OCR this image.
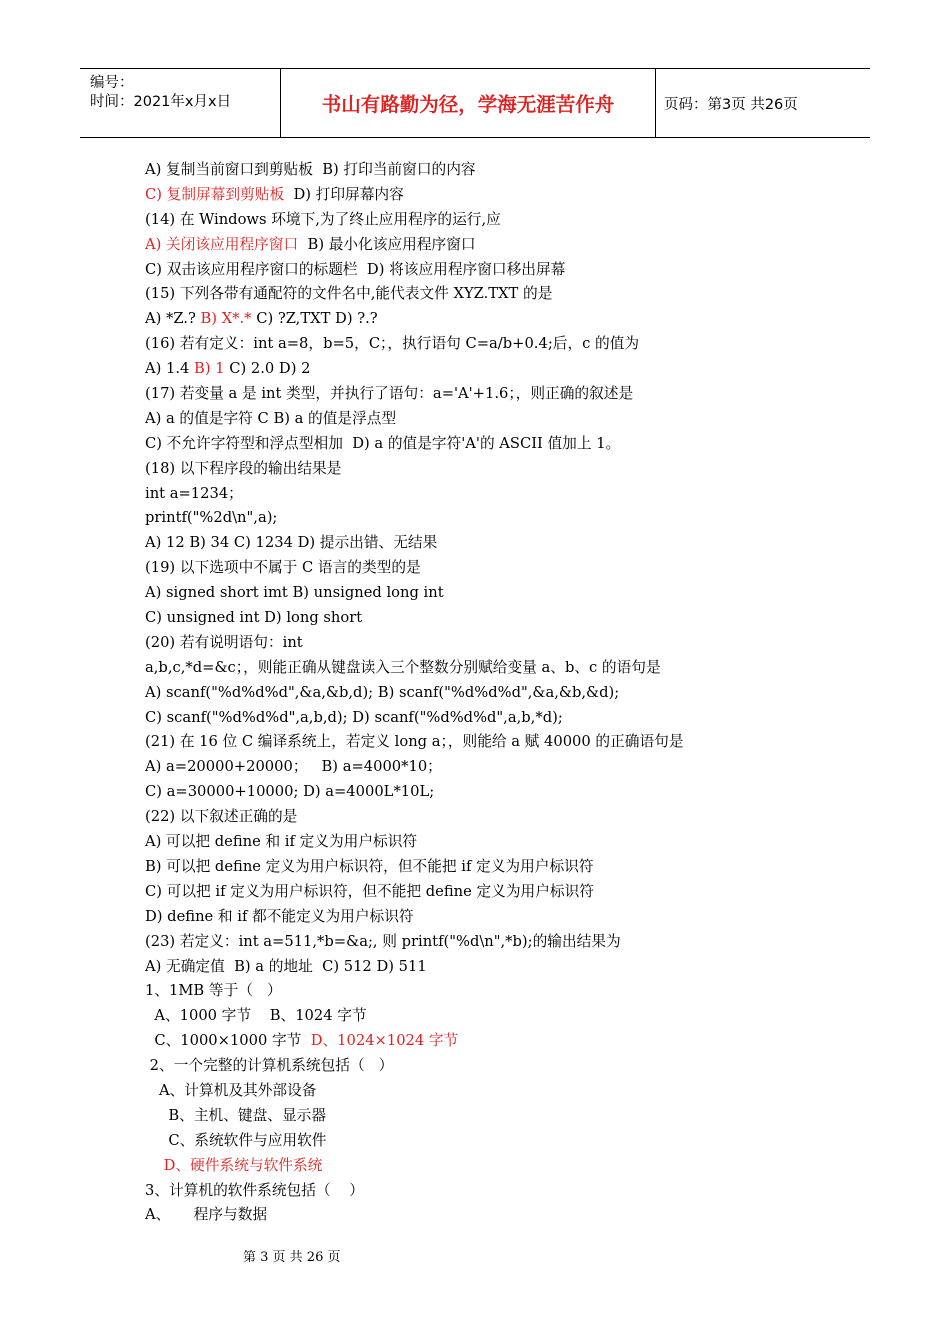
编号：
时间：2021年x月x日	书山有路勤为径，学海无涯苦作舟	页码：第3页 共26页
A) 复制当前窗口到剪贴板  B) 打印当前窗口的内容
C) 复制屏幕到剪贴板  D) 打印屏幕内容
(14) 在 Windows 环境下,为了终止应用程序的运行,应
A) 关闭该应用程序窗口  B) 最小化该应用程序窗口
C) 双击该应用程序窗口的标题栏  D) 将该应用程序窗口移出屏幕
(15) 下列各带有通配符的文件名中,能代表文件 XYZ.TXT 的是
A) *Z.? B) X*.* C) ?Z,TXT D) ?.?
(16) 若有定义：int a=8，b=5，C；，执行语句 C=a/b+0.4;后，c 的值为
A) 1.4 B) 1 C) 2.0 D) 2
(17) 若变量 a 是 int 类型，并执行了语句：a='A'+1.6；，则正确的叙述是
A) a 的值是字符 C B) a 的值是浮点型
C) 不允许字符型和浮点型相加  D) a 的值是字符'A'的 ASCII 值加上 1。
(18) 以下程序段的输出结果是
int a=1234；
printf("%2d\n",a);
A) 12 B) 34 C) 1234 D) 提示出错、无结果
(19) 以下选项中不属于 C 语言的类型的是
A) signed short imt B) unsigned long int
C) unsigned int D) long short
(20) 若有说明语句：int
a,b,c,*d=&c；，则能正确从键盘读入三个整数分别赋给变量 a、b、c 的语句是
A) scanf("%d%d%d",&a,&b,d); B) scanf("%d%d%d",&a,&b,&d);
C) scanf("%d%d%d",a,b,d); D) scanf("%d%d%d",a,b,*d);
(21) 在 16 位 C 编译系统上，若定义 long a；，则能给 a 赋 40000 的正确语句是
A) a=20000+20000；   B) a=4000*10；
C) a=30000+10000; D) a=4000L*10L;
(22) 以下叙述正确的是
A) 可以把 define 和 if 定义为用户标识符
B) 可以把 define 定义为用户标识符，但不能把 if 定义为用户标识符
C) 可以把 if 定义为用户标识符，但不能把 define 定义为用户标识符
D) define 和 if 都不能定义为用户标识符
(23) 若定义：int a=511,*b=&a;, 则 printf("%d\n",*b);的输出结果为
A) 无确定值  B) a 的地址  C) 512 D) 511
1、1MB 等于（   ）
A、1000 字节    B、1024 字节
C、1000×1000 字节  D、1024×1024 字节
2、一个完整的计算机系统包括（   ）
A、计算机及其外部设备
B、主机、键盘、显示器
C、系统软件与应用软件
D、硬件系统与软件系统
3、计算机的软件系统包括（    ）
A、     程序与数据
第 3 页 共 26 页
